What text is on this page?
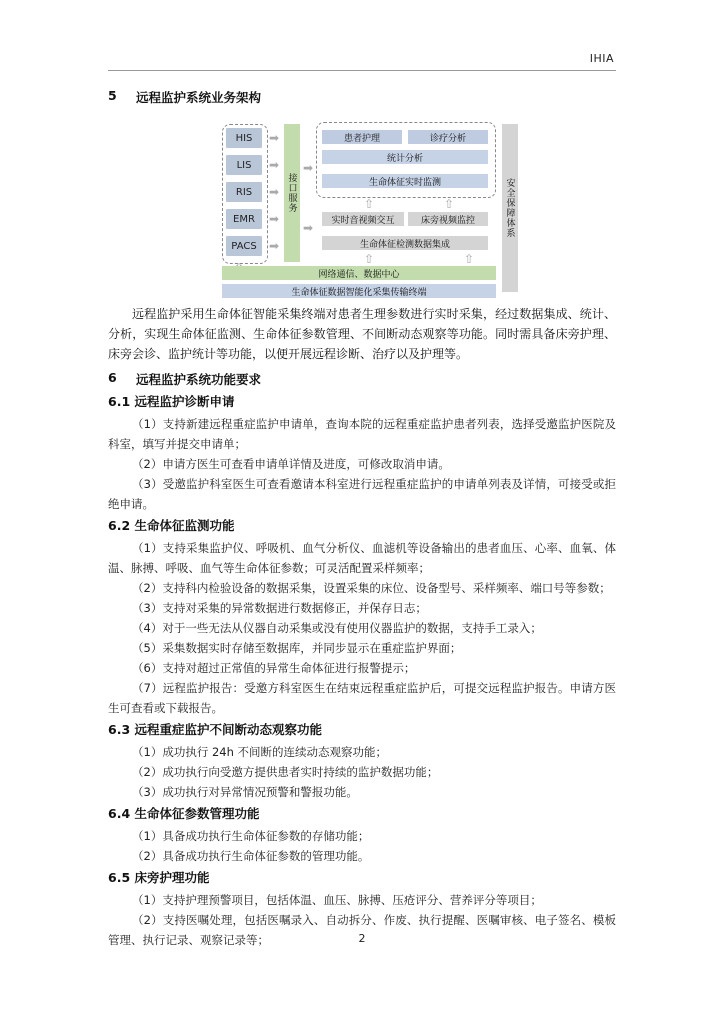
IHIA

5 远程监护系统业务架构

HIS
LIS
RIS
EMR
PACS
➡
➡
➡
➡
➡
接口服务
➡
➡
患者护理	诊疗分析
统计分析
生命体征实时监测
⇧	⇧
实时音视频交互	床旁视频监控
生命体征检测数据集成
安全保障体系
⇧	⇧
网络通信、数据中心
生命体征数据智能化采集传输终端

远程监护采用生命体征智能采集终端对患者生理参数进行实时采集，经过数据集成、统计、分析，实现生命体征监测、生命体征参数管理、不间断动态观察等功能。同时需具备床旁护理、床旁会诊、监护统计等功能，以便开展远程诊断、治疗以及护理等。

6 远程监护系统功能要求

6.1 远程监护诊断申请

（1）支持新建远程重症监护申请单，查询本院的远程重症监护患者列表，选择受邀监护医院及科室，填写并提交申请单；

（2）申请方医生可查看申请单详情及进度，可修改取消申请。

（3）受邀监护科室医生可查看邀请本科室进行远程重症监护的申请单列表及详情，可接受或拒绝申请。

6.2 生命体征监测功能

（1）支持采集监护仪、呼吸机、血气分析仪、血滤机等设备输出的患者血压、心率、血氧、体温、脉搏、呼吸、血气等生命体征参数；可灵活配置采样频率；

（2）支持科内检验设备的数据采集，设置采集的床位、设备型号、采样频率、端口号等参数；

（3）支持对采集的异常数据进行数据修正，并保存日志；

（4）对于一些无法从仪器自动采集或没有使用仪器监护的数据，支持手工录入；

（5）采集数据实时存储至数据库，并同步显示在重症监护界面；

（6）支持对超过正常值的异常生命体征进行报警提示；

（7）远程监护报告：受邀方科室医生在结束远程重症监护后，可提交远程监护报告。申请方医生可查看或下载报告。

6.3 远程重症监护不间断动态观察功能

（1）成功执行 24h 不间断的连续动态观察功能；

（2）成功执行向受邀方提供患者实时持续的监护数据功能；

（3）成功执行对异常情况预警和警报功能。

6.4 生命体征参数管理功能

（1）具备成功执行生命体征参数的存储功能；

（2）具备成功执行生命体征参数的管理功能。

6.5 床旁护理功能

（1）支持护理预警项目，包括体温、血压、脉搏、压疮评分、营养评分等项目；

（2）支持医嘱处理，包括医嘱录入、自动拆分、作废、执行提醒、医嘱审核、电子签名、模板管理、执行记录、观察记录等；	2
